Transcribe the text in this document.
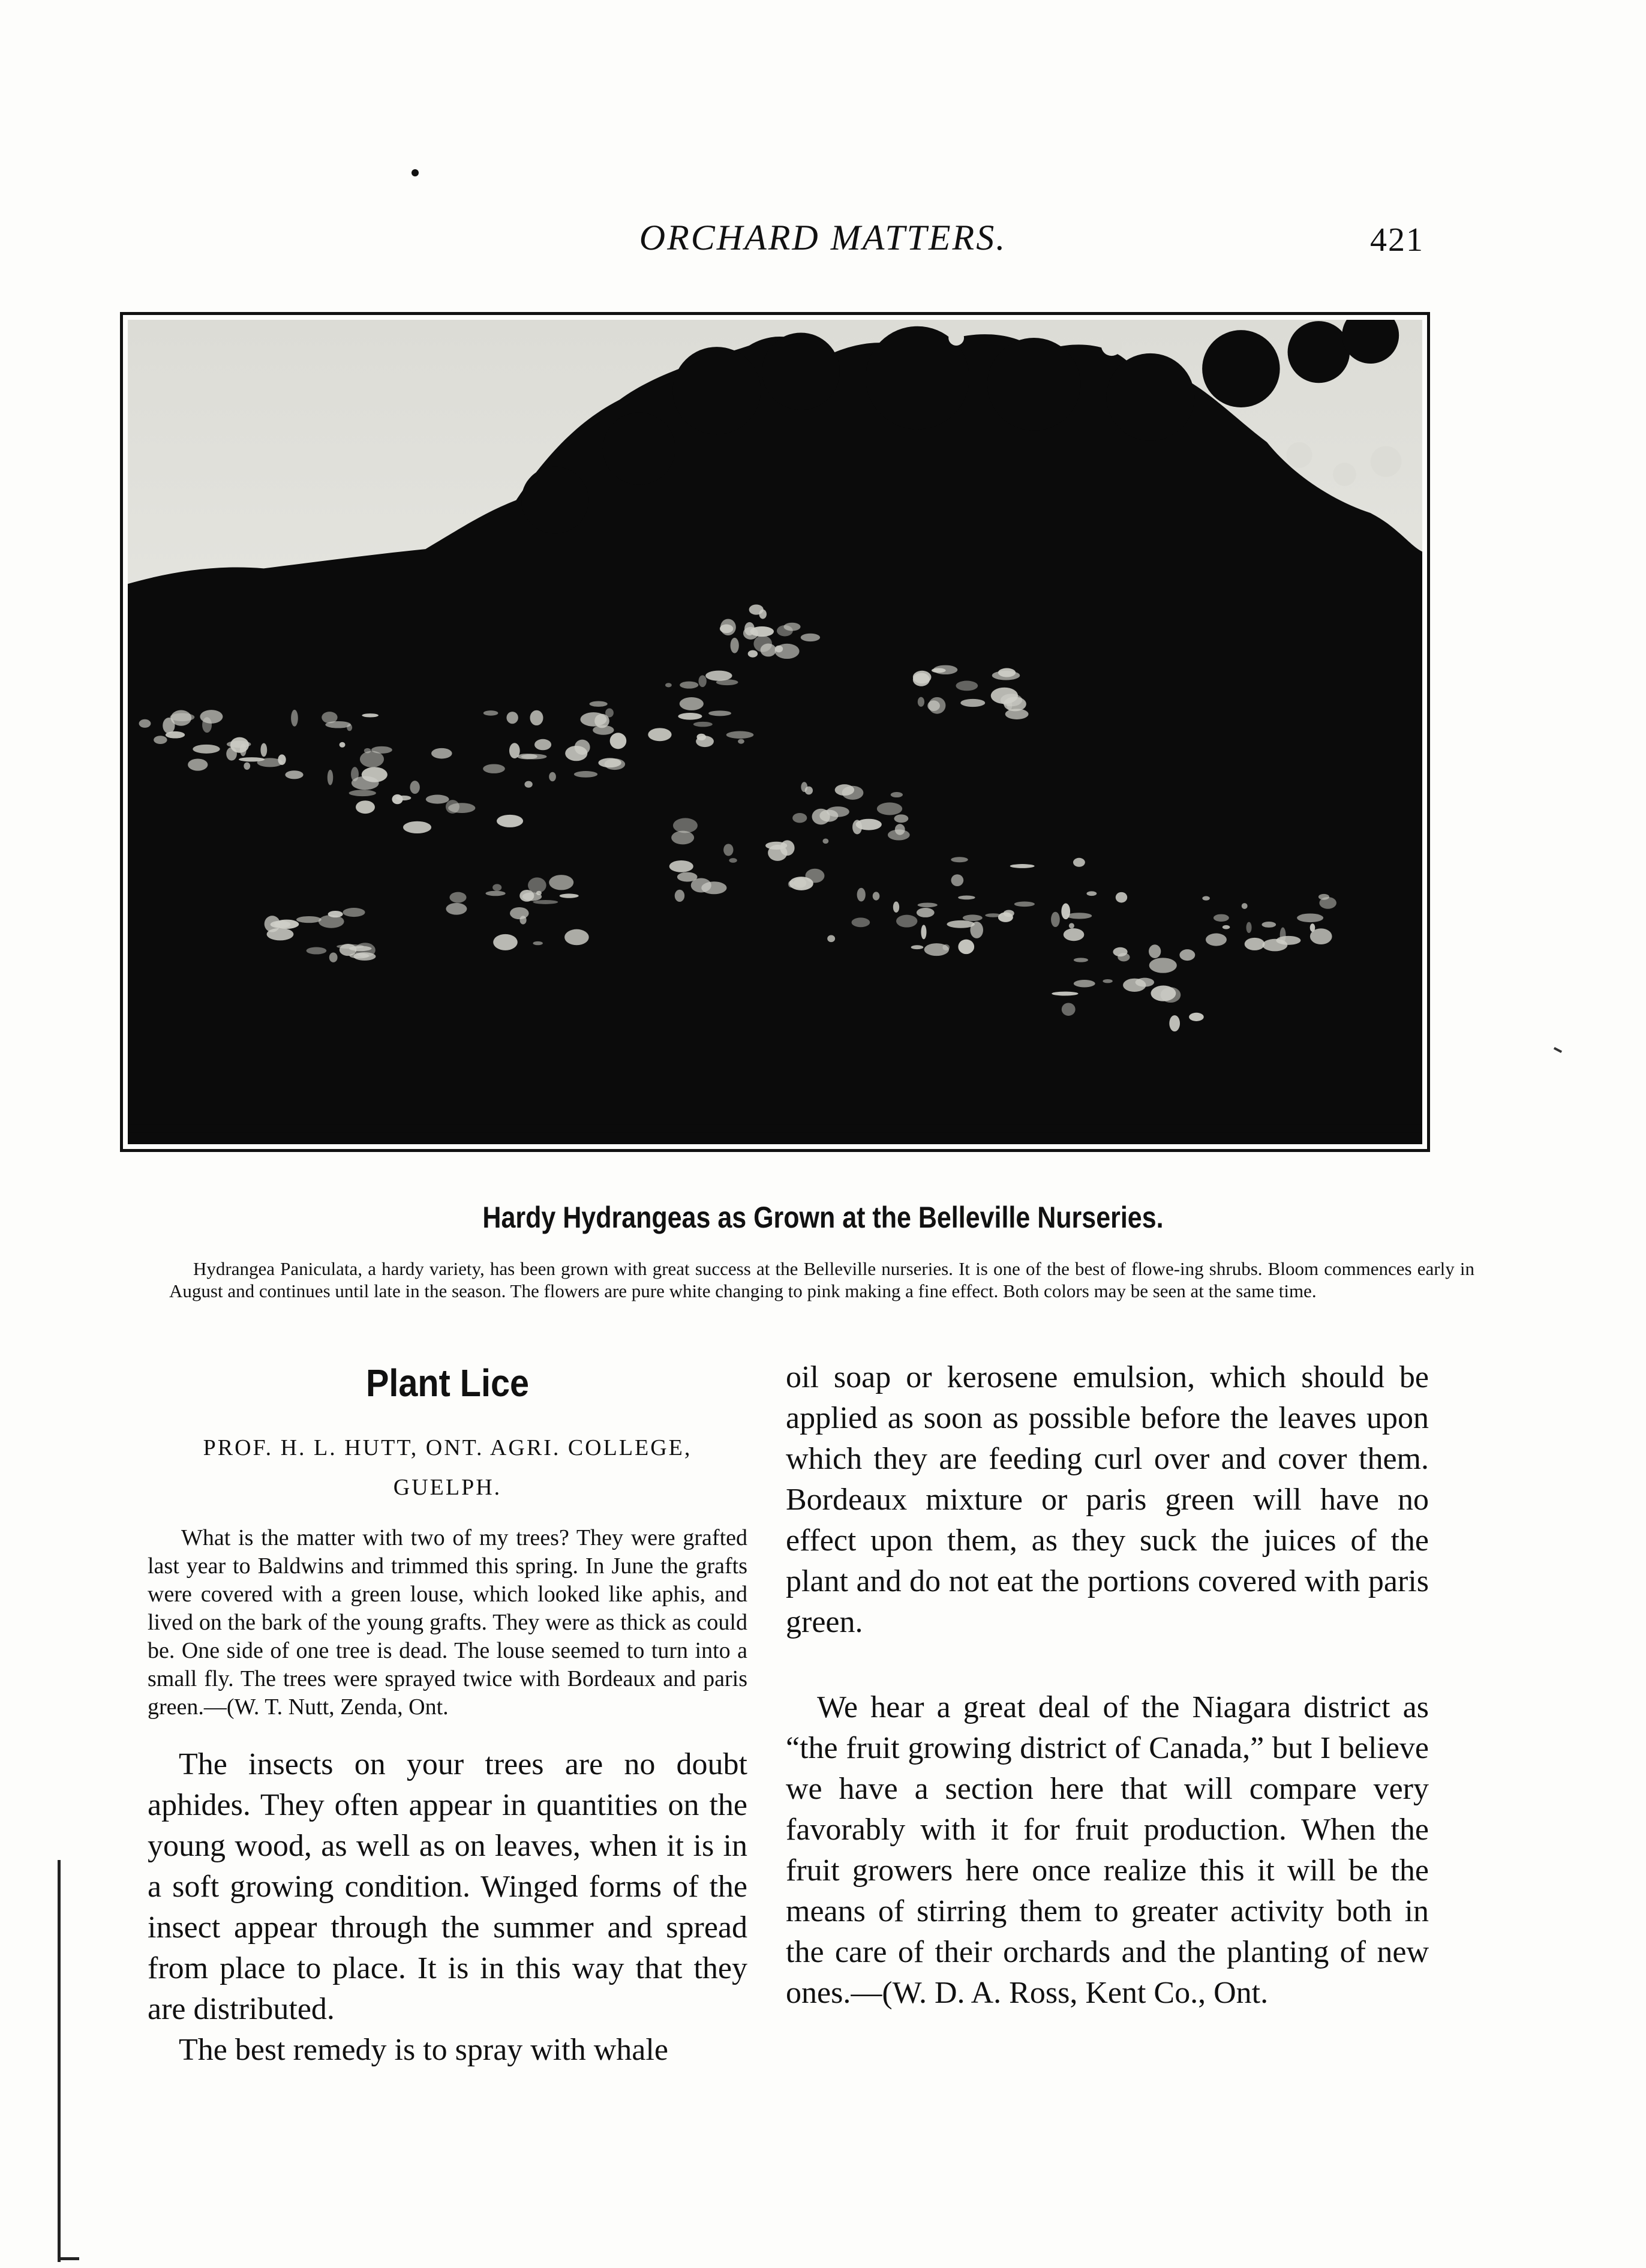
ORCHARD MATTERS.	421
Hardy Hydrangeas as Grown at the Belleville Nurseries.
Hydrangea Paniculata, a hardy variety, has been grown with great success at the Belleville nurseries. It is one of the best of flowe-ing shrubs. Bloom commences early in August and continues until late in the season. The flowers are pure white changing to pink making a fine effect. Both colors may be seen at the same time.
Plant Lice
PROF. H. L. HUTT, ONT. AGRI. COLLEGE,
GUELPH.

What is the matter with two of my trees? They were grafted last year to Baldwins and trimmed this spring. In June the grafts were covered with a green louse, which looked like aphis, and lived on the bark of the young grafts. They were as thick as could be. One side of one tree is dead. The louse seemed to turn into a small fly. The trees were sprayed twice with Bordeaux and paris green.—(W. T. Nutt, Zenda, Ont.

The insects on your trees are no doubt aphides. They often appear in quantities on the young wood, as well as on leaves, when it is in a soft growing condition. Winged forms of the insect appear through the summer and spread from place to place. It is in this way that they are distributed.

The best remedy is to spray with whale

oil soap or kerosene emulsion, which should be applied as soon as possible before the leaves upon which they are feeding curl over and cover them. Bordeaux mixture or paris green will have no effect upon them, as they suck the juices of the plant and do not eat the portions covered with paris green.

We hear a great deal of the Niagara district as “the fruit growing district of Canada,” but I believe we have a section here that will compare very favorably with it for fruit production. When the fruit growers here once realize this it will be the means of stirring them to greater activity both in the care of their orchards and the planting of new ones.—(W. D. A. Ross, Kent Co., Ont.
